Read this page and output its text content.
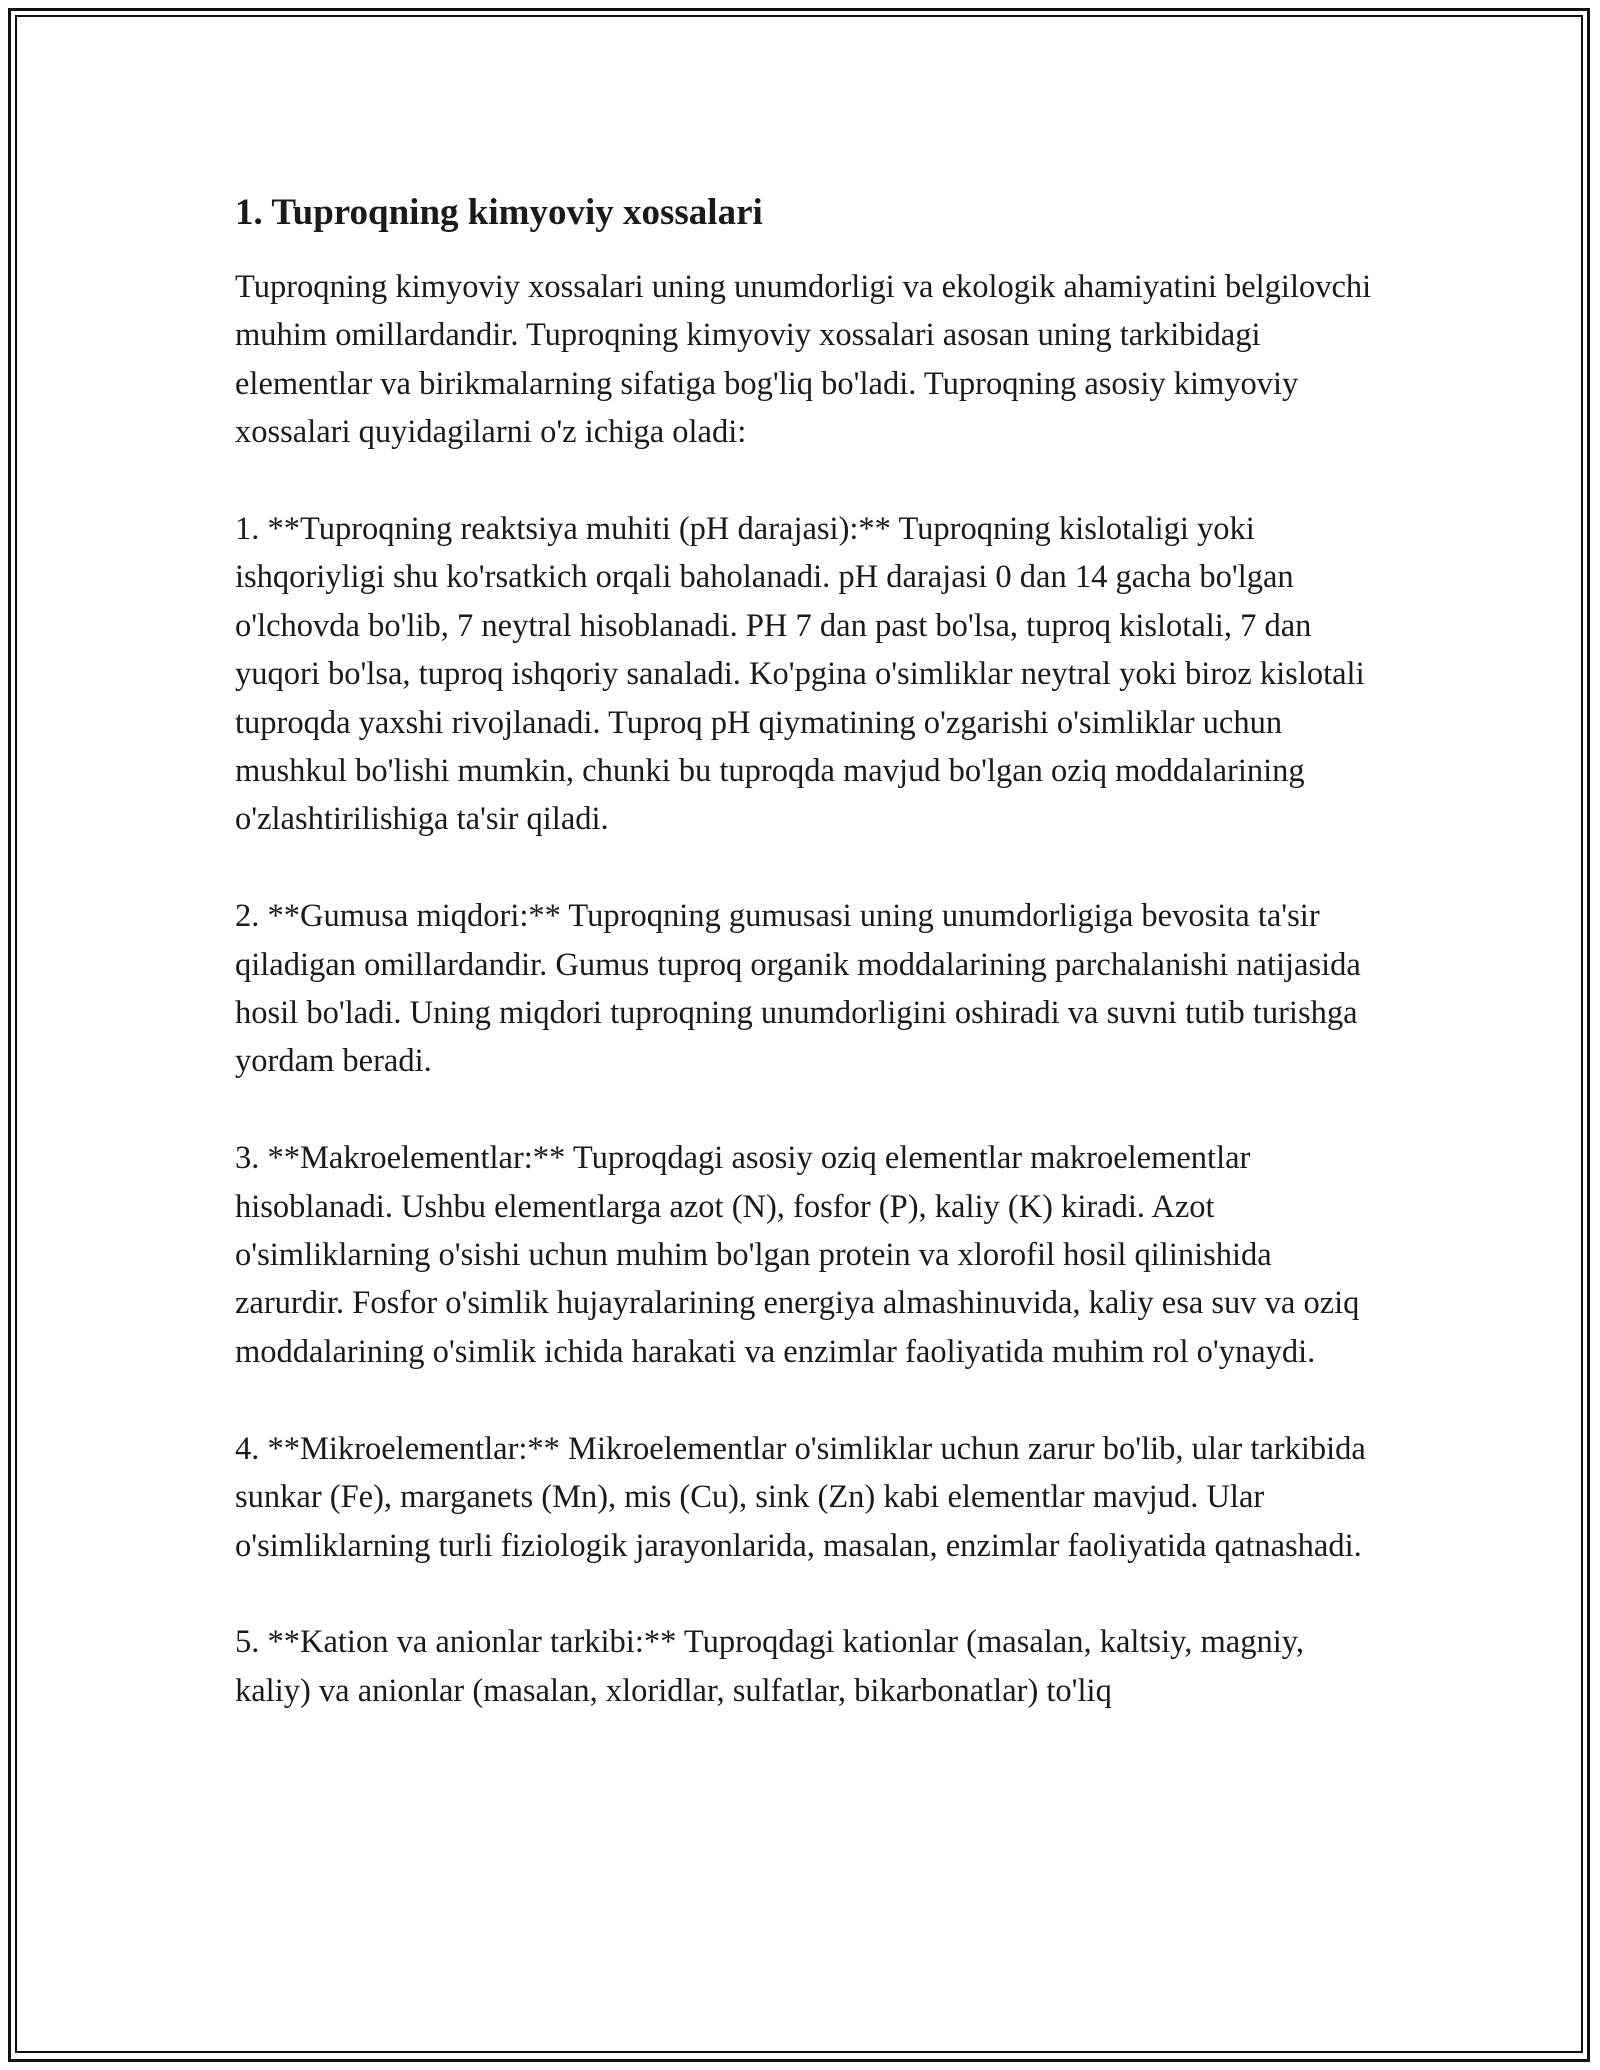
1. Tuproqning kimyoviy xossalari

Tuproqning kimyoviy xossalari uning unumdorligi va ekologik ahamiyatini belgilovchi muhim omillardandir. Tuproqning kimyoviy xossalari asosan uning tarkibidagi elementlar va birikmalarning sifatiga bog'liq bo'ladi. Tuproqning asosiy kimyoviy xossalari quyidagilarni o'z ichiga oladi:

1. **Tuproqning reaktsiya muhiti (pH darajasi):** Tuproqning kislotaligi yoki ishqoriyligi shu ko'rsatkich orqali baholanadi. pH darajasi 0 dan 14 gacha bo'lgan o'lchovda bo'lib, 7 neytral hisoblanadi. PH 7 dan past bo'lsa, tuproq kislotali, 7 dan yuqori bo'lsa, tuproq ishqoriy sanaladi. Ko'pgina o'simliklar neytral yoki biroz kislotali tuproqda yaxshi rivojlanadi. Tuproq pH qiymatining o'zgarishi o'simliklar uchun mushkul bo'lishi mumkin, chunki bu tuproqda mavjud bo'lgan oziq moddalarining o'zlashtirilishiga ta'sir qiladi.

2. **Gumusa miqdori:** Tuproqning gumusasi uning unumdorligiga bevosita ta'sir qiladigan omillardandir. Gumus tuproq organik moddalarining parchalanishi natijasida hosil bo'ladi. Uning miqdori tuproqning unumdorligini oshiradi va suvni tutib turishga yordam beradi.

3. **Makroelementlar:** Tuproqdagi asosiy oziq elementlar makroelementlar hisoblanadi. Ushbu elementlarga azot (N), fosfor (P), kaliy (K) kiradi. Azot o'simliklarning o'sishi uchun muhim bo'lgan protein va xlorofil hosil qilinishida zarurdir. Fosfor o'simlik hujayralarining energiya almashinuvida, kaliy esa suv va oziq moddalarining o'simlik ichida harakati va enzimlar faoliyatida muhim rol o'ynaydi.

4. **Mikroelementlar:** Mikroelementlar o'simliklar uchun zarur bo'lib, ular tarkibida sunkar (Fe), marganets (Mn), mis (Cu), sink (Zn) kabi elementlar mavjud. Ular o'simliklarning turli fiziologik jarayonlarida, masalan, enzimlar faoliyatida qatnashadi.

5. **Kation va anionlar tarkibi:** Tuproqdagi kationlar (masalan, kaltsiy, magniy, kaliy) va anionlar (masalan, xloridlar, sulfatlar, bikarbonatlar) to'liq
